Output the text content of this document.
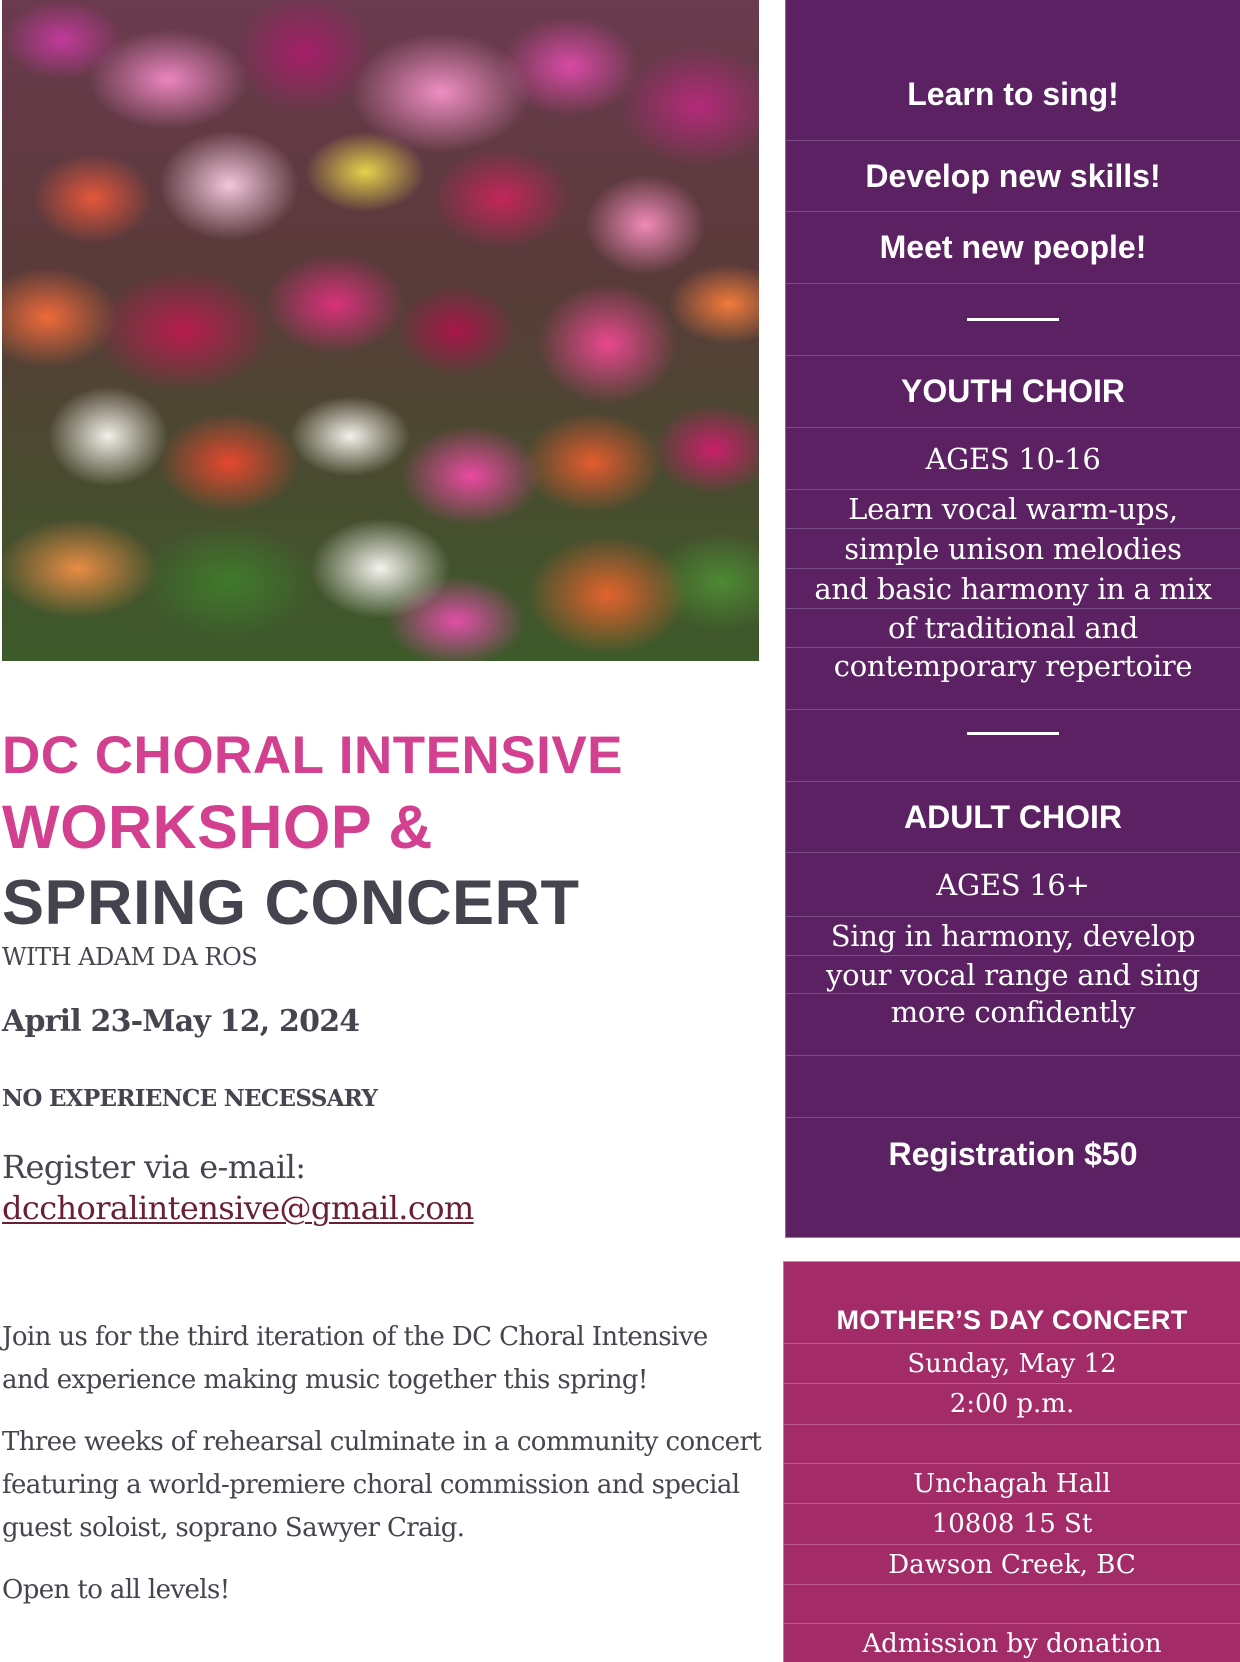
DC CHORAL INTENSIVE
WORKSHOP &
SPRING CONCERT
WITH ADAM DA ROS
April 23-May 12, 2024
NO EXPERIENCE NECESSARY
Register via e-mail:
dcchoralintensive@gmail.com

Join us for the third iteration of the DC Choral Intensive and experience making music together this spring!

Three weeks of rehearsal culminate in a community concert featuring a world-premiere choral commission and special guest soloist, soprano Sawyer Craig.

Open to all levels!

Learn to sing!
Develop new skills!
Meet new people!
YOUTH CHOIR
AGES 10-16
Learn vocal warm-ups,
simple unison melodies
and basic harmony in a mix
of traditional and
contemporary repertoire
ADULT CHOIR
AGES 16+
Sing in harmony, develop
your vocal range and sing
more confidently
Registration $50
MOTHER’S DAY CONCERT
Sunday, May 12
2:00 p.m.
Unchagah Hall
10808 15 St
Dawson Creek, BC
Admission by donation
